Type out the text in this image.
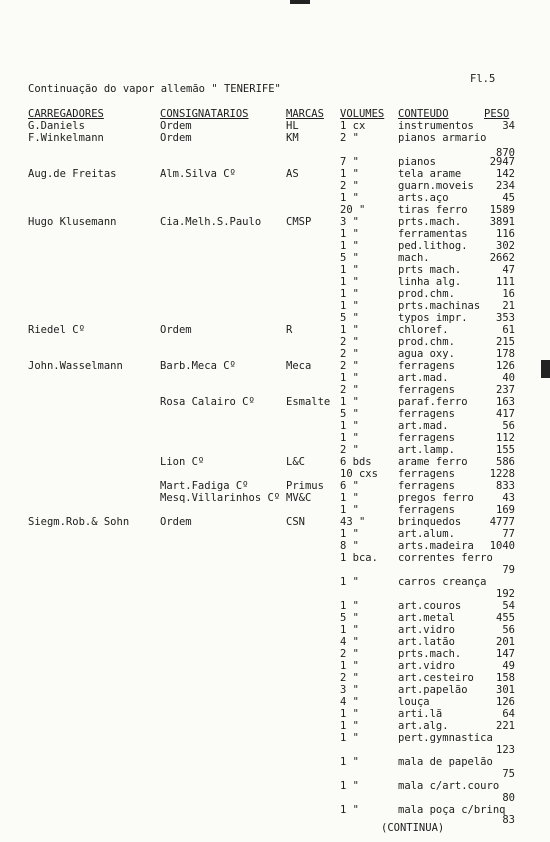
Continuação do vapor allemão " TENERIFE"
Fl.5
CARREGADORES	CONSIGNATARIOS	MARCAS VOLUMES CONTEUDO	PESO
G.Daniels	Ordem	HL	1 cx	instrumentos	34
F.Winkelmann	Ordem	KM	2 "	pianos armario
870
7 "	pianos	2947
Aug.de Freitas	Alm.Silva Cº	AS	1 "	tela arame	142
2 "	guarn.moveis 234
1 "	arts.aço	45
20 "	tiras ferro 1589
Hugo Klusemann	Cia.Melh.S.Paulo CMSP	3 "	prts.mach.	3891
1 "	ferramentas	116
1 "	ped.lithog.	302
5 "	mach.	2662
1 "	prts mach.	47
1 "	linha alg.	111
1 "	prod.chm.	16
1 "	prts.machinas 21
5 "	typos impr.	353
Riedel Cº	Ordem	R	1 "	chloref.	61
2 "	prod.chm.	215
2 "	agua oxy.	178
John.Wasselmann	Barb.Meca Cº	Meca	2 "	ferragens	126
1 "	art.mad.	40
2 "	ferragens	237
Rosa Calairo Cº	Esmalte 1 "	paraf.ferro	163
5 "	ferragens	417
1 "	art.mad.	56
1 "	ferragens	112
2 "	art.lamp.	155
Lion Cº	L&C	6 bds	arame ferro	586
10 cxs ferragens	1228
Mart.Fadiga Cº	Primus 6 "	ferragens	833
Mesq.Villarinhos Cº MV&C	1 "	pregos ferro	43
1 "	ferragens	169
Siegm.Rob.& Sohn	Ordem	CSN	43 "	brinquedos	4777
1 "	art.alum.	77
8 "	arts.madeira 1040
1 bca. correntes ferro
79
1 "	carros creança
192
1 "	art.couros	54
5 "	art.metal	455
1 "	art.vidro	56
4 "	art.latão	201
2 "	prts.mach.	147
1 "	art.vidro	49
2 "	art.cesteiro 158
3 "	art.papelão	301
4 "	louça	126
1 "	arti.lã	64
1 "	art.alg.	221
1 "	pert.gymnastica
123
1 "	mala de papelão
75
1 "	mala c/art.couro
80
1 "	mala poça c/brinq
83
(CONTINUA)
